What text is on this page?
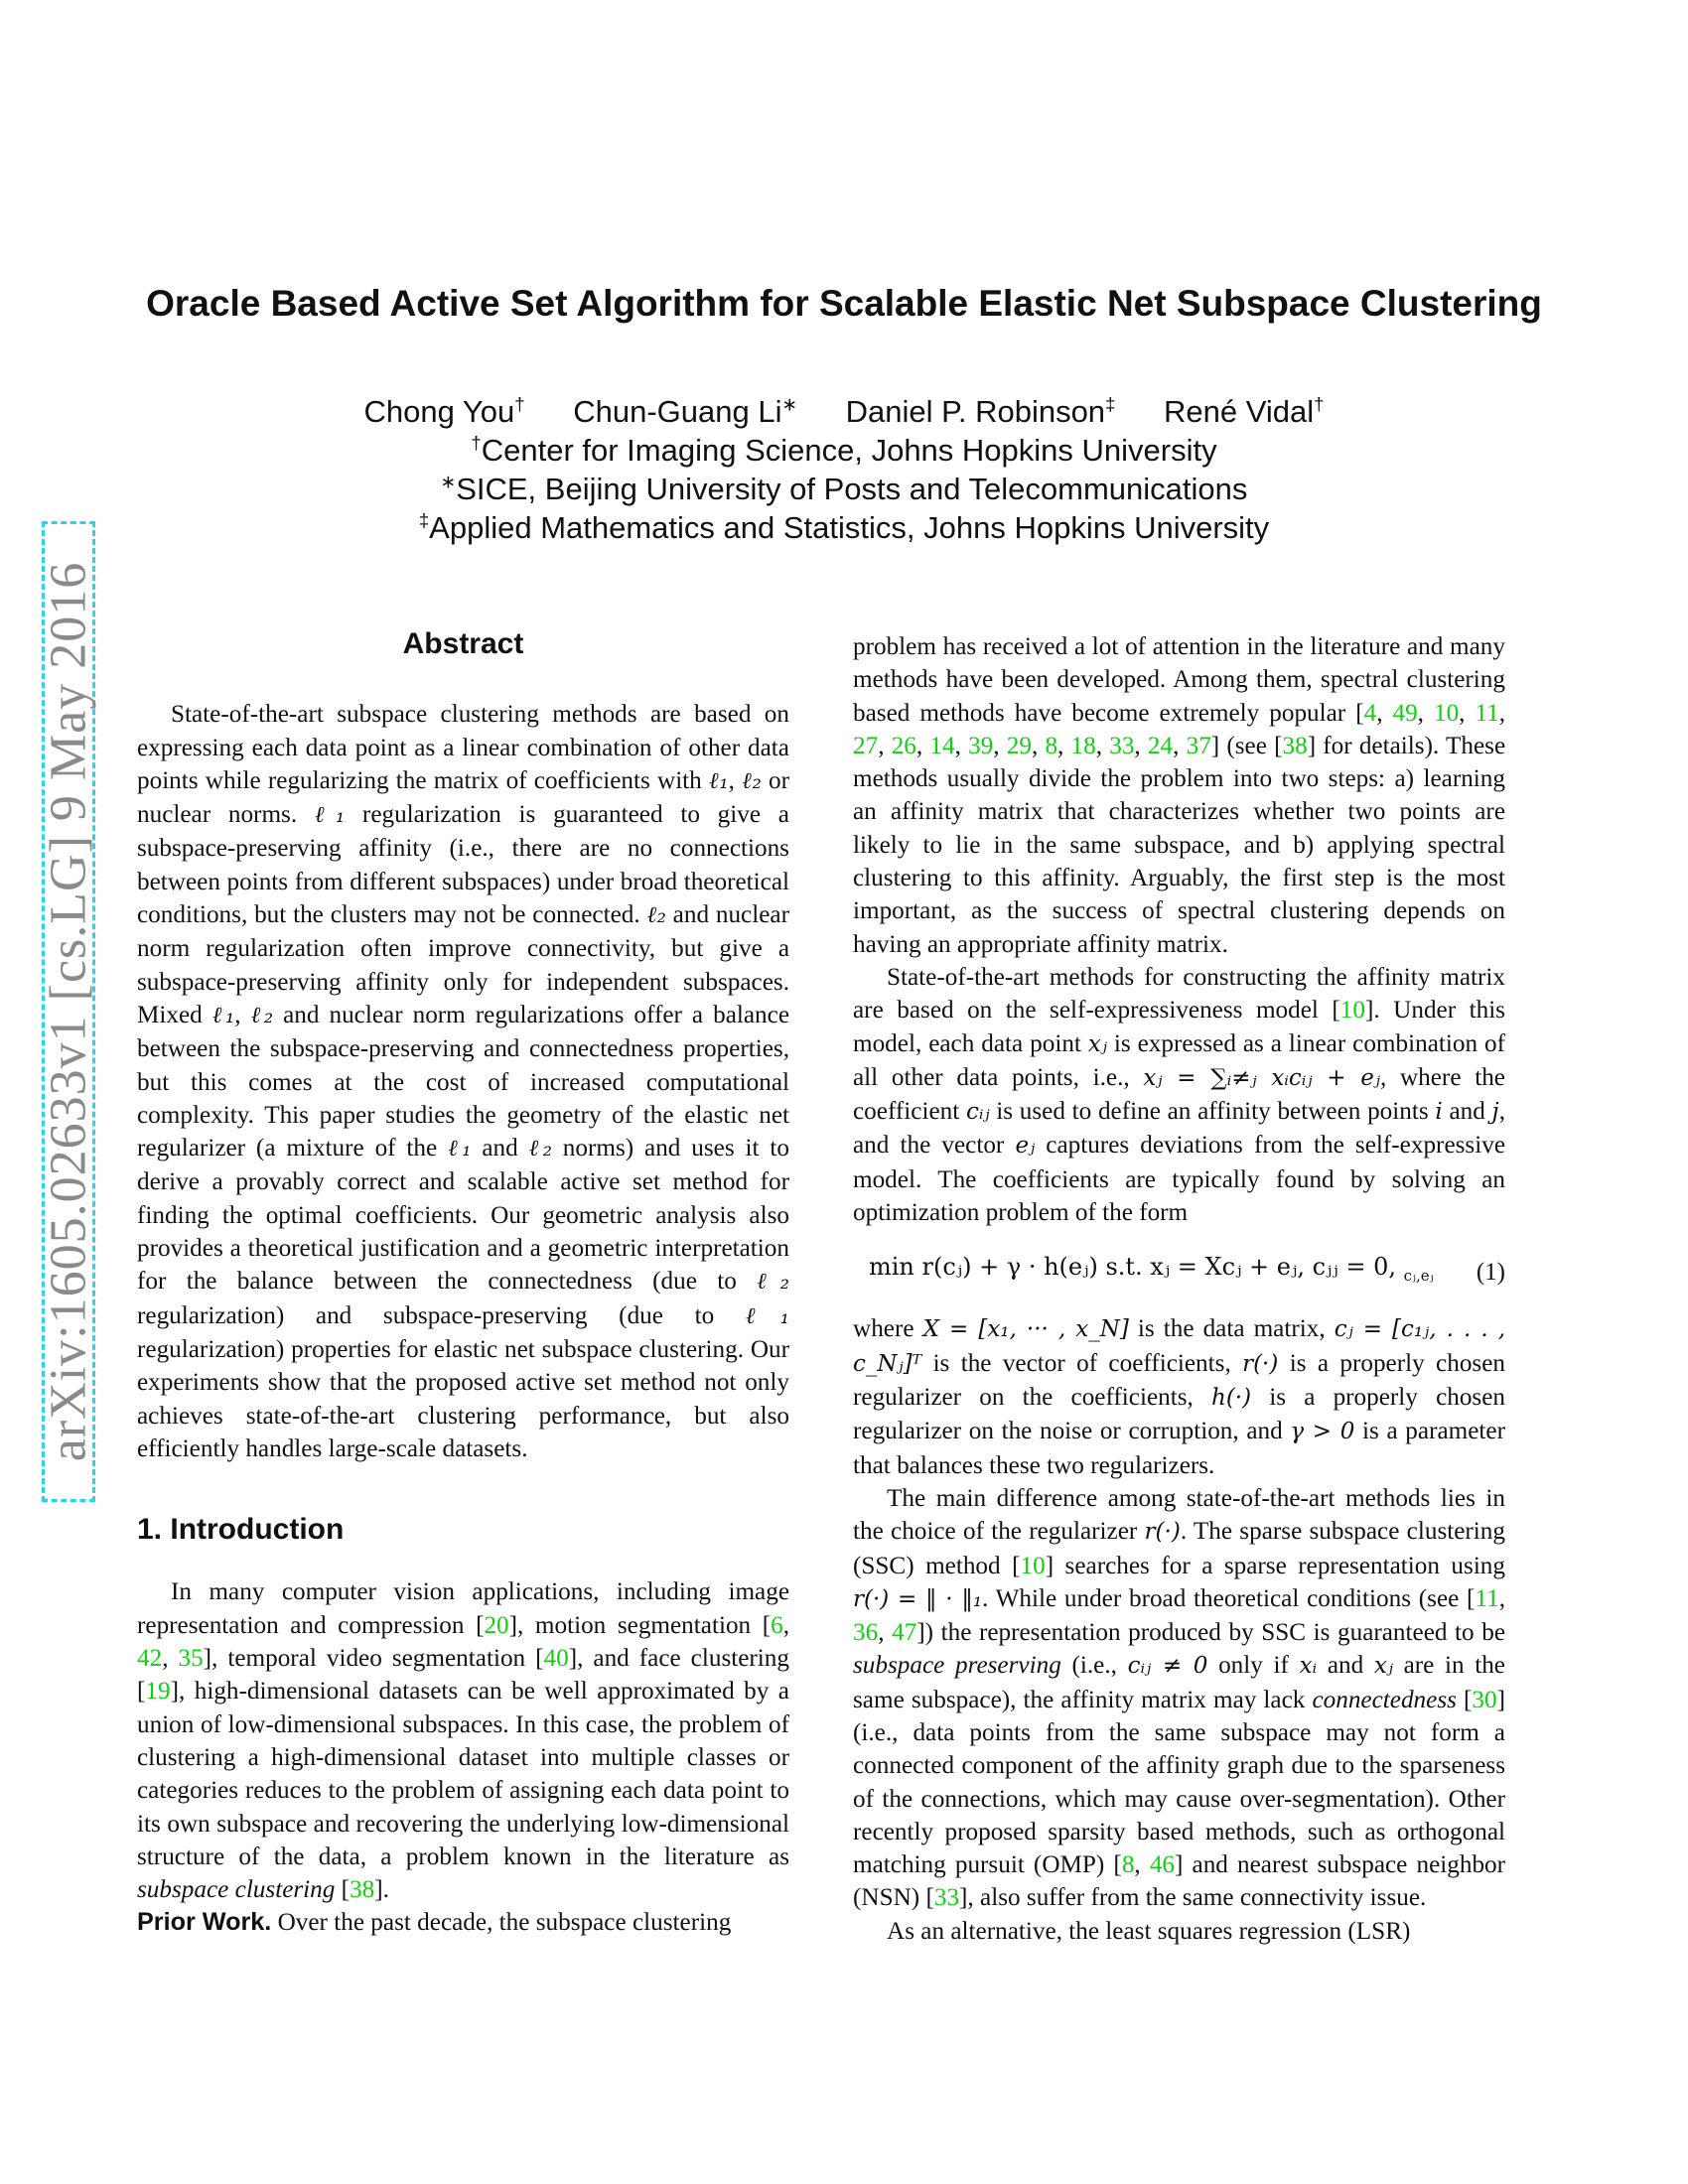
arXiv:1605.02633v1 [cs.LG] 9 May 2016
Oracle Based Active Set Algorithm for Scalable Elastic Net Subspace Clustering
Chong You† Chun-Guang Li∗ Daniel P. Robinson‡ René Vidal†
†Center for Imaging Science, Johns Hopkins University
∗SICE, Beijing University of Posts and Telecommunications
‡Applied Mathematics and Statistics, Johns Hopkins University
Abstract

State-of-the-art subspace clustering methods are based on expressing each data point as a linear combination of other data points while regularizing the matrix of coefficients with ℓ₁, ℓ₂ or nuclear norms. ℓ₁ regularization is guaranteed to give a subspace-preserving affinity (i.e., there are no connections between points from different subspaces) under broad theoretical conditions, but the clusters may not be connected. ℓ₂ and nuclear norm regularization often improve connectivity, but give a subspace-preserving affinity only for independent subspaces. Mixed ℓ₁, ℓ₂ and nuclear norm regularizations offer a balance between the subspace-preserving and connectedness properties, but this comes at the cost of increased computational complexity. This paper studies the geometry of the elastic net regularizer (a mixture of the ℓ₁ and ℓ₂ norms) and uses it to derive a provably correct and scalable active set method for finding the optimal coefficients. Our geometric analysis also provides a theoretical justification and a geometric interpretation for the balance between the connectedness (due to ℓ₂ regularization) and subspace-preserving (due to ℓ₁ regularization) properties for elastic net subspace clustering. Our experiments show that the proposed active set method not only achieves state-of-the-art clustering performance, but also efficiently handles large-scale datasets.

1. Introduction

In many computer vision applications, including image representation and compression [20], motion segmentation [6, 42, 35], temporal video segmentation [40], and face clustering [19], high-dimensional datasets can be well approximated by a union of low-dimensional subspaces. In this case, the problem of clustering a high-dimensional dataset into multiple classes or categories reduces to the problem of assigning each data point to its own subspace and recovering the underlying low-dimensional structure of the data, a problem known in the literature as subspace clustering [38].

Prior Work. Over the past decade, the subspace clustering

problem has received a lot of attention in the literature and many methods have been developed. Among them, spectral clustering based methods have become extremely popular [4, 49, 10, 11, 27, 26, 14, 39, 29, 8, 18, 33, 24, 37] (see [38] for details). These methods usually divide the problem into two steps: a) learning an affinity matrix that characterizes whether two points are likely to lie in the same subspace, and b) applying spectral clustering to this affinity. Arguably, the first step is the most important, as the success of spectral clustering depends on having an appropriate affinity matrix.

State-of-the-art methods for constructing the affinity matrix are based on the self-expressiveness model [10]. Under this model, each data point xⱼ is expressed as a linear combination of all other data points, i.e., xⱼ = ∑ᵢ≠ⱼ xᵢcᵢⱼ + eⱼ, where the coefficient cᵢⱼ is used to define an affinity between points i and j, and the vector eⱼ captures deviations from the self-expressive model. The coefficients are typically found by solving an optimization problem of the form

min r(cⱼ) + γ · h(eⱼ) s.t. xⱼ = Xcⱼ + eⱼ, cⱼⱼ = 0, $_{cⱼ,eⱼ}$ (1)

where X = [x₁, ··· , x_N] is the data matrix, cⱼ = [c₁ⱼ, . . . , c_Nⱼ]ᵀ is the vector of coefficients, r(·) is a properly chosen regularizer on the coefficients, h(·) is a properly chosen regularizer on the noise or corruption, and γ > 0 is a parameter that balances these two regularizers.

The main difference among state-of-the-art methods lies in the choice of the regularizer r(·). The sparse subspace clustering (SSC) method [10] searches for a sparse representation using r(·) = ‖ · ‖₁. While under broad theoretical conditions (see [11, 36, 47]) the representation produced by SSC is guaranteed to be subspace preserving (i.e., cᵢⱼ ≠ 0 only if xᵢ and xⱼ are in the same subspace), the affinity matrix may lack connectedness [30] (i.e., data points from the same subspace may not form a connected component of the affinity graph due to the sparseness of the connections, which may cause over-segmentation). Other recently proposed sparsity based methods, such as orthogonal matching pursuit (OMP) [8, 46] and nearest subspace neighbor (NSN) [33], also suffer from the same connectivity issue.

As an alternative, the least squares regression (LSR)
